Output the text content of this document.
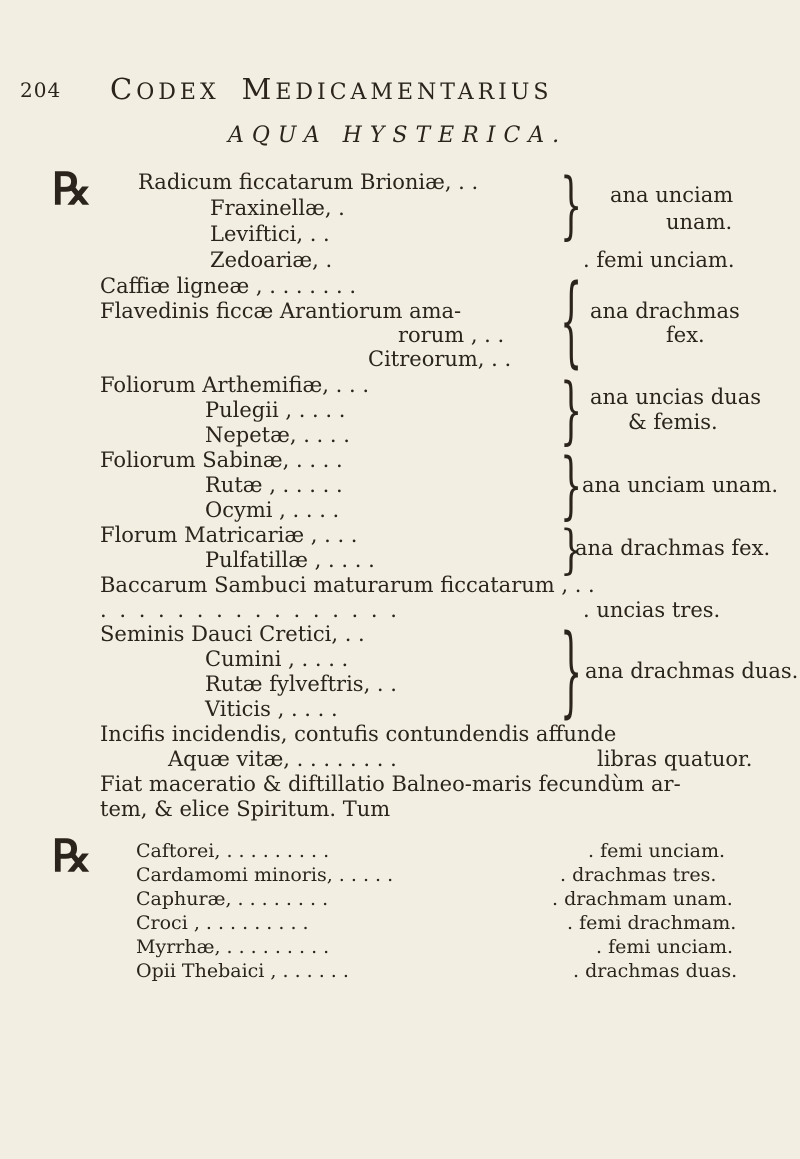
204 CODEX MEDICAMENTARIUS
AQUA HYSTERICA.
℞ Radicum ficcatarum Brioniæ, . .
Fraxinellæ, .
Leviftici, . .
Zedoariæ, .
Caffiæ ligneæ , . . . . . . .
Flavedinis ficcæ Arantiorum ama-
rorum , . .
Citreorum, . .
Foliorum Arthemifiæ, . . .
Pulegii , . . . .
Nepetæ, . . . .
Foliorum Sabinæ, . . . .
Rutæ , . . . . .
Ocymi , . . . .
Florum Matricariæ , . . .
Pulfatillæ , . . . .
Baccarum Sambuci maturarum ficcatarum , . .
. . . . . . . . . . . . . . . .
Seminis Dauci Cretici, . .
Cumini , . . . .
Rutæ fylveftris, . .
Viticis , . . . .
Incifis incidendis, contufis contundendis affunde
Aquæ vitæ, . . . . . . . .
Fiat maceratio & diftillatio Balneo-maris fecundùm ar-
tem, & elice Spiritum. Tum
}
{
}
}
}
}
ana unciam
unam.
. femi unciam.
ana drachmas
fex.
ana uncias duas
& femis.
ana unciam unam.
ana drachmas fex.
. uncias tres.
ana drachmas duas.
libras quatuor.
℞ Caftorei, . . . . . . . . .
Cardamomi minoris, . . . . .
Caphuræ, . . . . . . . .
Croci , . . . . . . . . .
Myrrhæ, . . . . . . . . .
Opii Thebaici , . . . . . .
. femi unciam.
. drachmas tres.
. drachmam unam.
. femi drachmam.
. femi unciam.
. drachmas duas.
